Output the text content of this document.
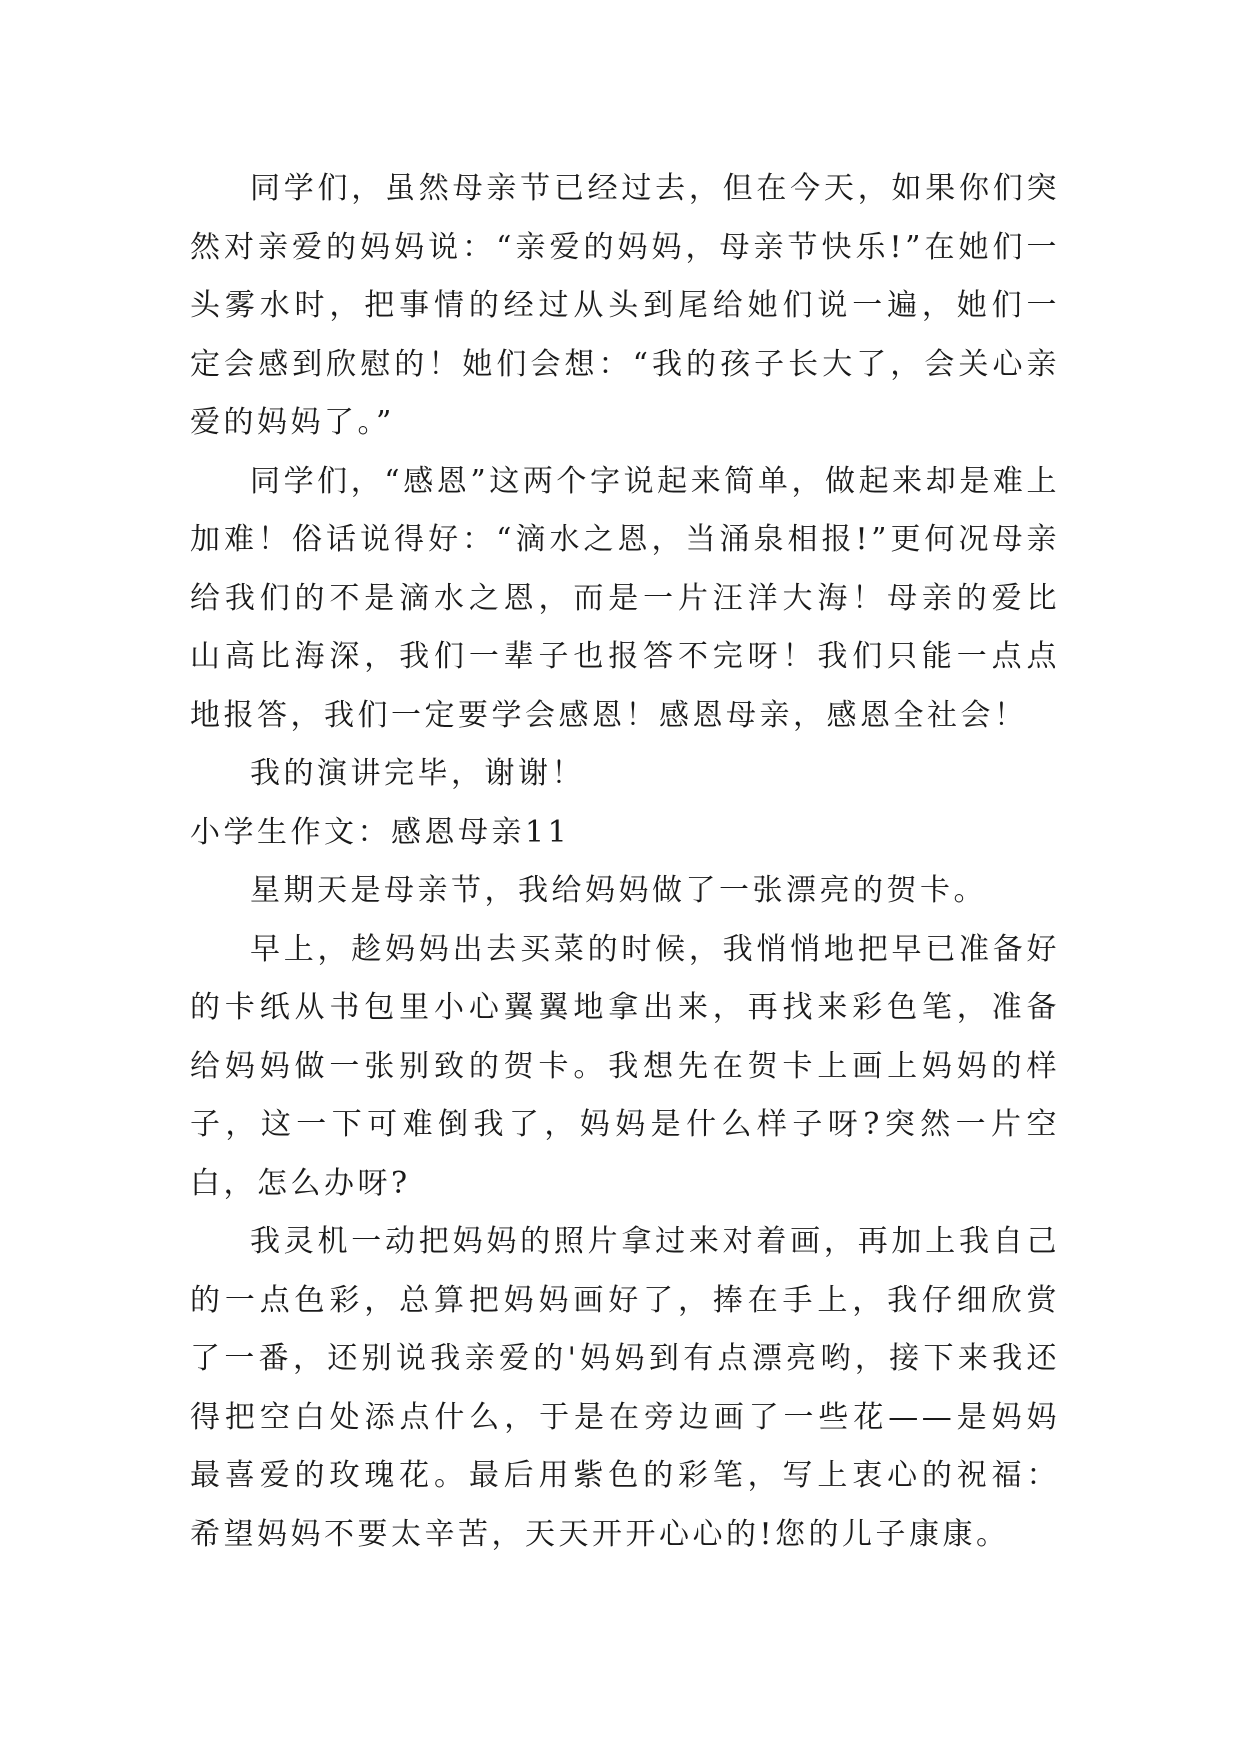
同学们，虽然母亲节已经过去，但在今天，如果你们突然对亲爱的妈妈说：“亲爱的妈妈，母亲节快乐!”在她们一头雾水时，把事情的经过从头到尾给她们说一遍，她们一定会感到欣慰的！她们会想：“我的孩子长大了，会关心亲爱的妈妈了。”

同学们，“感恩”这两个字说起来简单，做起来却是难上加难！俗话说得好：“滴水之恩，当涌泉相报!”更何况母亲给我们的不是滴水之恩，而是一片汪洋大海！母亲的爱比山高比海深，我们一辈子也报答不完呀！我们只能一点点地报答，我们一定要学会感恩！感恩母亲，感恩全社会！

我的演讲完毕，谢谢！

小学生作文：感恩母亲11

星期天是母亲节，我给妈妈做了一张漂亮的贺卡。

早上，趁妈妈出去买菜的时候，我悄悄地把早已准备好的卡纸从书包里小心翼翼地拿出来，再找来彩色笔，准备给妈妈做一张别致的贺卡。我想先在贺卡上画上妈妈的样子，这一下可难倒我了，妈妈是什么样子呀?突然一片空白，怎么办呀?

我灵机一动把妈妈的照片拿过来对着画，再加上我自己的一点色彩，总算把妈妈画好了，捧在手上，我仔细欣赏了一番，还别说我亲爱的'妈妈到有点漂亮哟，接下来我还得把空白处添点什么，于是在旁边画了一些花——是妈妈最喜爱的玫瑰花。最后用紫色的彩笔，写上衷心的祝福：希望妈妈不要太辛苦，天天开开心心的!您的儿子康康。
